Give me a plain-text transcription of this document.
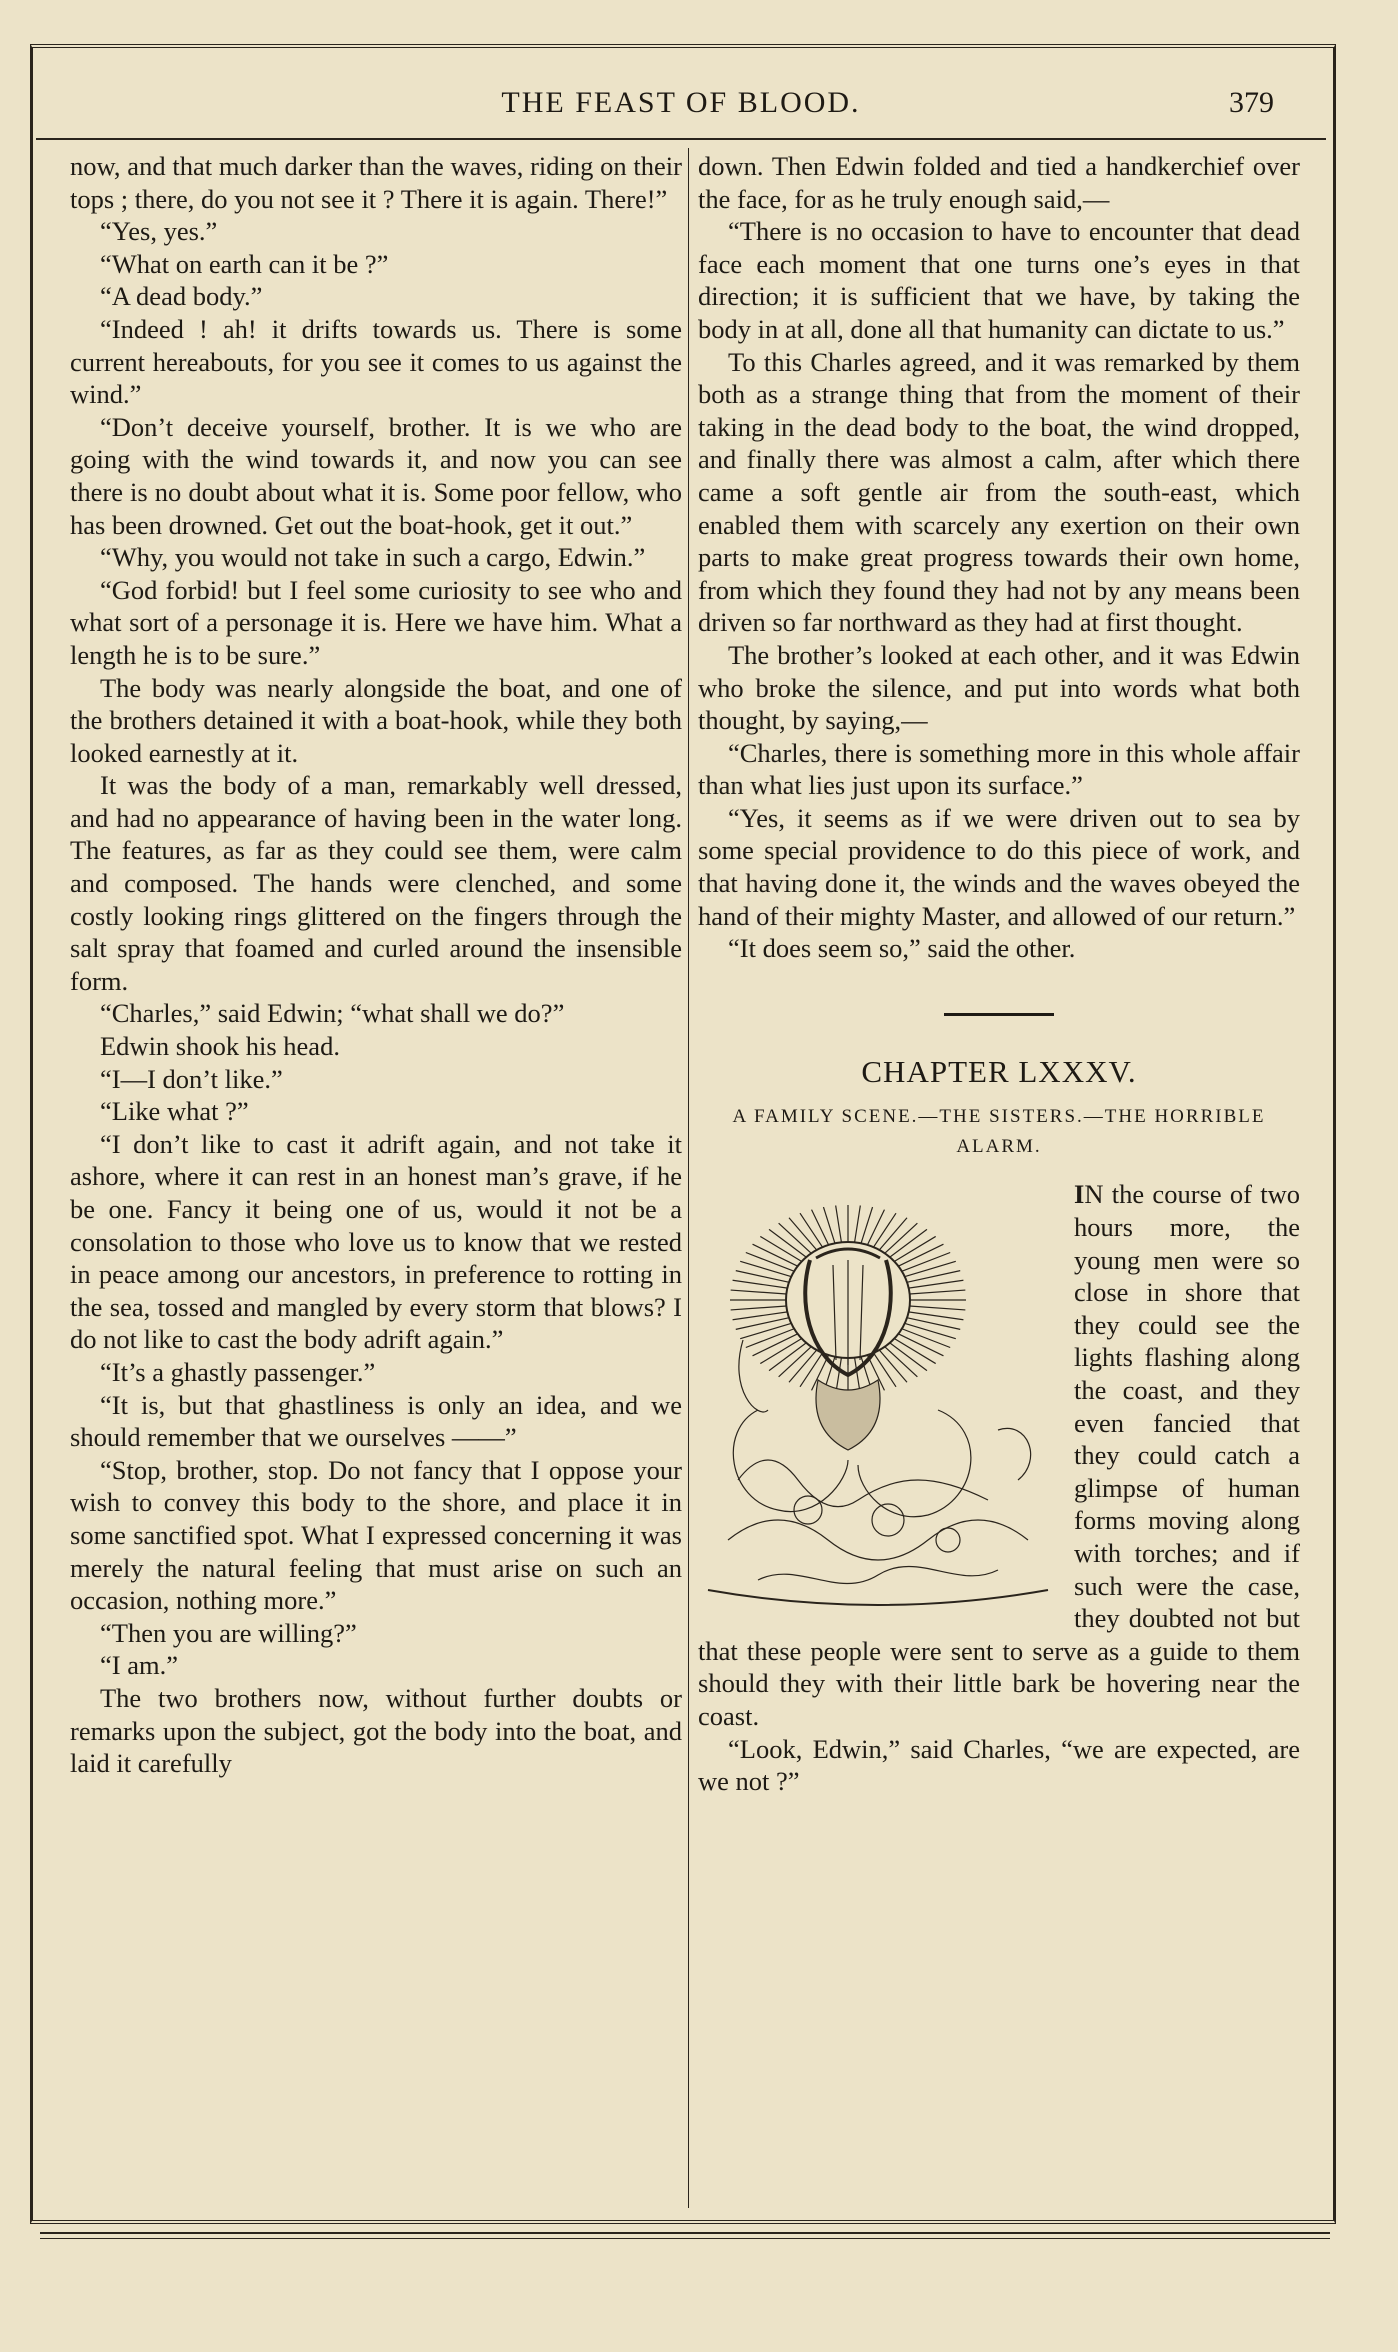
THE FEAST OF BLOOD.	379

now, and that much darker than the waves, riding on their tops ; there, do you not see it ? There it is again. There!”

“Yes, yes.”

“What on earth can it be ?”

“A dead body.”

“Indeed ! ah! it drifts towards us. There is some current hereabouts, for you see it comes to us against the wind.”

“Don’t deceive yourself, brother. It is we who are going with the wind towards it, and now you can see there is no doubt about what it is. Some poor fellow, who has been drowned. Get out the boat-hook, get it out.”

“Why, you would not take in such a cargo, Edwin.”

“God forbid! but I feel some curiosity to see who and what sort of a personage it is. Here we have him. What a length he is to be sure.”

The body was nearly alongside the boat, and one of the brothers detained it with a boat-hook, while they both looked earnestly at it.

It was the body of a man, remarkably well dressed, and had no appearance of having been in the water long. The features, as far as they could see them, were calm and composed. The hands were clenched, and some costly looking rings glittered on the fingers through the salt spray that foamed and curled around the insensible form.

“Charles,” said Edwin; “what shall we do?”

Edwin shook his head.

“I—I don’t like.”

“Like what ?”

“I don’t like to cast it adrift again, and not take it ashore, where it can rest in an honest man’s grave, if he be one. Fancy it being one of us, would it not be a consolation to those who love us to know that we rested in peace among our ancestors, in preference to rotting in the sea, tossed and mangled by every storm that blows? I do not like to cast the body adrift again.”

“It’s a ghastly passenger.”

“It is, but that ghastliness is only an idea, and we should remember that we ourselves ——”

“Stop, brother, stop. Do not fancy that I oppose your wish to convey this body to the shore, and place it in some sanctified spot. What I expressed concerning it was merely the natural feeling that must arise on such an occasion, nothing more.”

“Then you are willing?”

“I am.”

The two brothers now, without further doubts or remarks upon the subject, got the body into the boat, and laid it carefully

down. Then Edwin folded and tied a handkerchief over the face, for as he truly enough said,—

“There is no occasion to have to encounter that dead face each moment that one turns one’s eyes in that direction; it is sufficient that we have, by taking the body in at all, done all that humanity can dictate to us.”

To this Charles agreed, and it was remarked by them both as a strange thing that from the moment of their taking in the dead body to the boat, the wind dropped, and finally there was almost a calm, after which there came a soft gentle air from the south-east, which enabled them with scarcely any exertion on their own parts to make great progress towards their own home, from which they found they had not by any means been driven so far northward as they had at first thought.

The brother’s looked at each other, and it was Edwin who broke the silence, and put into words what both thought, by saying,—

“Charles, there is something more in this whole affair than what lies just upon its surface.”

“Yes, it seems as if we were driven out to sea by some special providence to do this piece of work, and that having done it, the winds and the waves obeyed the hand of their mighty Master, and allowed of our return.”

“It does seem so,” said the other.

CHAPTER LXXXV.
A FAMILY SCENE.—THE SISTERS.—THE HORRIBLE ALARM.

IN the course of two hours more, the young men were so close in shore that they could see the lights flashing along the coast, and they even fancied that they could catch a glimpse of human forms moving along with torches; and if such were the case, they doubted not but that these people were sent to serve as a guide to them should they with their little bark be hovering near the coast.

“Look, Edwin,” said Charles, “we are expected, are we not ?”
